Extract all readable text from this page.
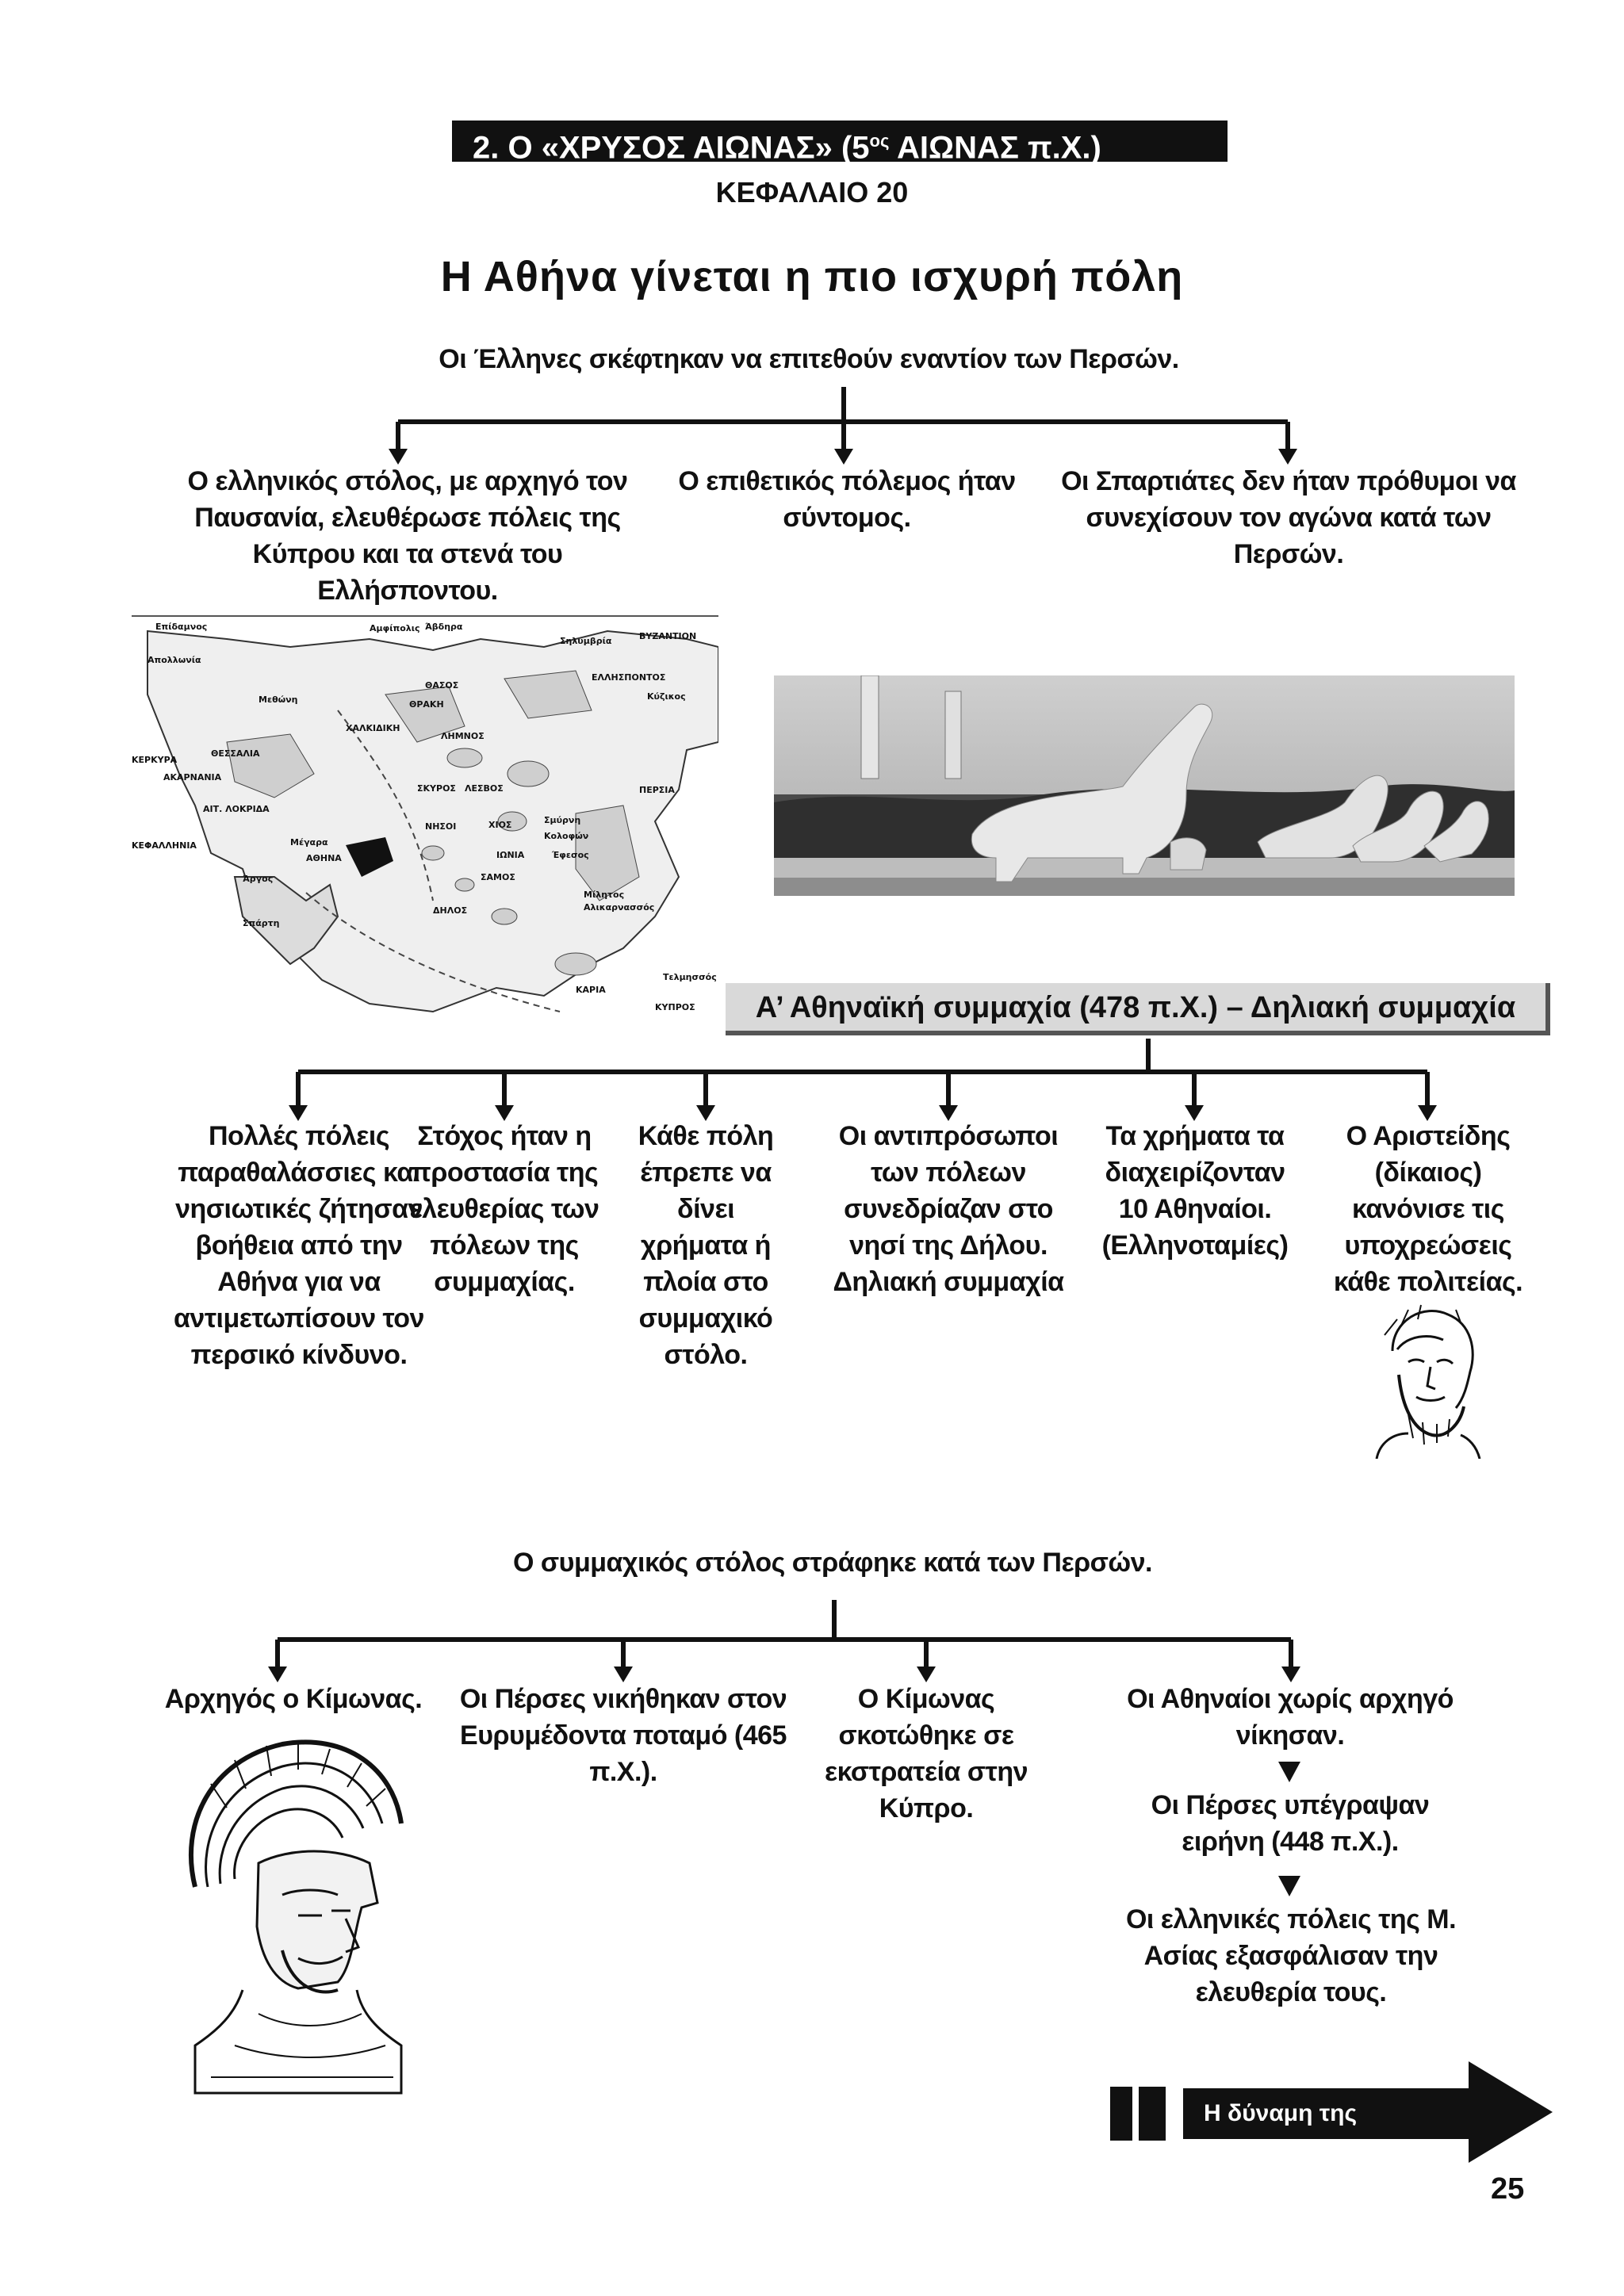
2. Ο «ΧΡΥΣΟΣ ΑΙΩΝΑΣ» ($5^{o\varsigma}$ ΑΙΩΝΑΣ π.Χ.)
ΚΕΦΑΛΑΙΟ 20
Η Αθήνα γίνεται η πιο ισχυρή πόλη
Οι Έλληνες σκέφτηκαν να επιτεθούν εναντίον των Περσών.
Ο ελληνικός στόλος, με αρχηγό τον Παυσανία, ελευθέρωσε πόλεις της Κύπρου και τα στενά του Ελλήσποντου.
Ο επιθετικός πόλεμος ήταν σύντομος.
Οι Σπαρτιάτες δεν ήταν πρόθυμοι να συνεχίσουν τον αγώνα κατά των Περσών.
Επίδαμνος
Απολλωνία
Αμφίπολις Άβδηρα
Σηλυμβρία	ΒΥΖΑΝΤΙΟΝ
Μεθώνη
ΘΑΣΟΣ
ΘΡΑΚΗ
ΕΛΛΗΣΠΟΝΤΟΣ
Κύζικος
ΧΑΛΚΙΔΙΚΗ
ΚΕΡΚΥΡΑ
ΘΕΣΣΑΛΙΑ
ΛΗΜΝΟΣ
ΠΕΡΣΙΑ
ΑΚΑΡΝΑΝΙΑ
ΣΚΥΡΟΣ ΛΕΣΒΟΣ
ΑΙΤ. ΛΟΚΡΙΔΑ
ΚΕΦΑΛΛΗΝΙΑ	Μέγαρα
ΑΘΗΝΑ
ΧΙΟΣ
ΝΗΣΟΙ
Σμύρνη
Κολοφών
ΙΩΝΙΑ	Έφεσος
Άργος	ΣΑΜΟΣ
Σπάρτη
ΔΗΛΟΣ
Μίλητος
Αλικαρνασσός
ΚΑΡΙΑ
Τελμησσός
ΚΥΠΡΟΣ	Α’ Αθηναϊκή συμμαχία (478 π.Χ.) – Δηλιακή συμμαχία
Πολλές πόλεις παραθαλάσσιες και νησιωτικές ζήτησαν βοήθεια από την Αθήνα για να αντιμετωπίσουν τον περσικό κίνδυνο.
Στόχος ήταν η προστασία της ελευθερίας των πόλεων της συμμαχίας.
Κάθε πόλη έπρεπε να δίνει χρήματα ή πλοία στο συμμαχικό στόλο.
Οι αντιπρόσωποι των πόλεων συνεδρίαζαν στο νησί της Δήλου. Δηλιακή συμμαχία
Τα χρήματα τα διαχειρίζονταν 10 Αθηναίοι. (Ελληνοταμίες)
Ο Αριστείδης (δίκαιος) κανόνισε τις υποχρεώσεις κάθε πολιτείας.
Ο συμμαχικός στόλος στράφηκε κατά των Περσών.
Αρχηγός ο Κίμωνας.	Οι Πέρσες νικήθηκαν στον Ευρυμέδοντα ποταμό (465 π.Χ.).
Ο Κίμωνας σκοτώθηκε σε εκστρατεία στην Κύπρο.
Οι Αθηναίοι χωρίς αρχηγό νίκησαν.
Οι Πέρσες υπέγραψαν ειρήνη (448 π.Χ.).
Οι ελληνικές πόλεις της Μ. Ασίας εξασφάλισαν την ελευθερία τους.
Η δύναμη της Αθήνας…
25
